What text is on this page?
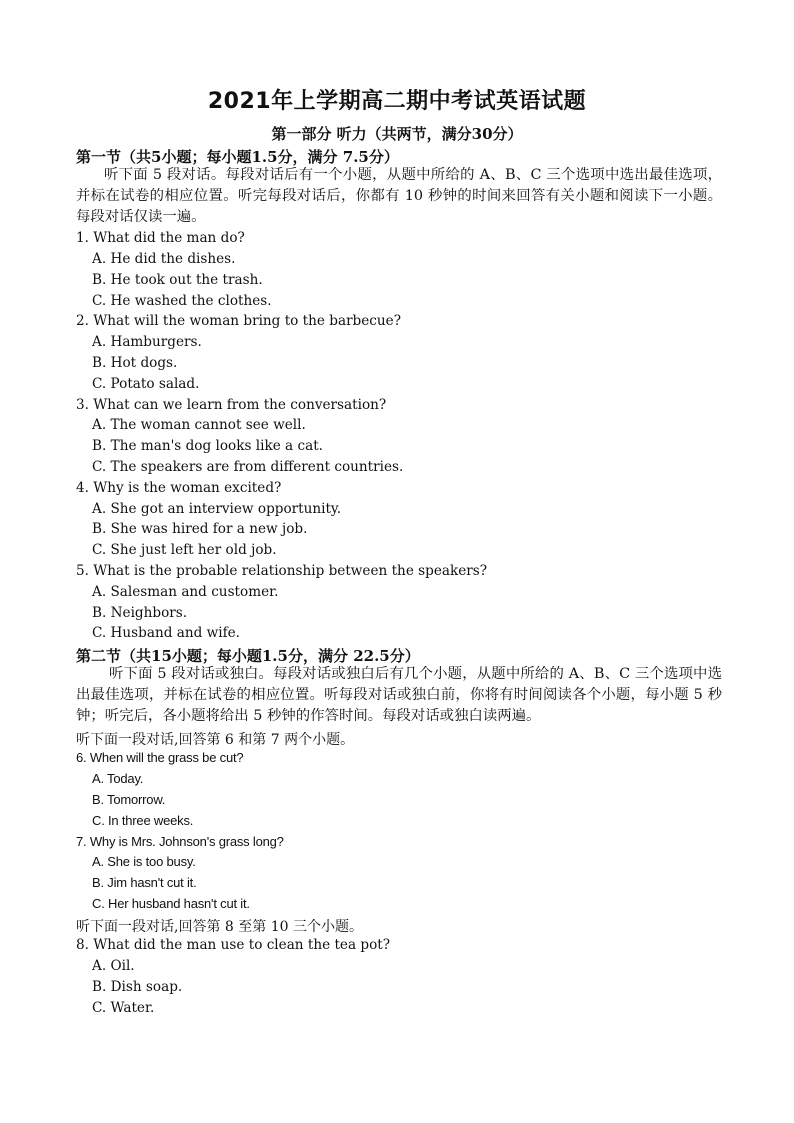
2021年上学期高二期中考试英语试题
第一部分 听力（共两节，满分30分）
第一节（共5小题；每小题1.5分，满分 7.5分）
听下面 5 段对话。每段对话后有一个小题，从题中所给的 A、B、C 三个选项中选出最佳选项，并标在试卷的相应位置。听完每段对话后，你都有 10 秒钟的时间来回答有关小题和阅读下一小题。每段对话仅读一遍。
1. What did the man do?
A. He did the dishes.
B. He took out the trash.
C. He washed the clothes.
2. What will the woman bring to the barbecue?
A. Hamburgers.
B. Hot dogs.
C. Potato salad.
3. What can we learn from the conversation?
A. The woman cannot see well.
B. The man's dog looks like a cat.
C. The speakers are from different countries.
4. Why is the woman excited?
A. She got an interview opportunity.
B. She was hired for a new job.
C. She just left her old job.
5. What is the probable relationship between the speakers?
A. Salesman and customer.
B. Neighbors.
C. Husband and wife.
第二节（共15小题；每小题1.5分，满分 22.5分）
听下面 5 段对话或独白。每段对话或独白后有几个小题，从题中所给的 A、B、C 三个选项中选出最佳选项，并标在试卷的相应位置。听每段对话或独白前，你将有时间阅读各个小题，每小题 5 秒钟；听完后，各小题将给出 5 秒钟的作答时间。每段对话或独白读两遍。
听下面一段对话,回答第 6 和第 7 两个小题。
6. When will the grass be cut?
A. Today.
B. Tomorrow.
C. In three weeks.
7. Why is Mrs. Johnson's grass long?
A. She is too busy.
B. Jim hasn't cut it.
C. Her husband hasn't cut it.
听下面一段对话,回答第 8 至第 10 三个小题。
8. What did the man use to clean the tea pot?
A. Oil.
B. Dish soap.
C. Water.
